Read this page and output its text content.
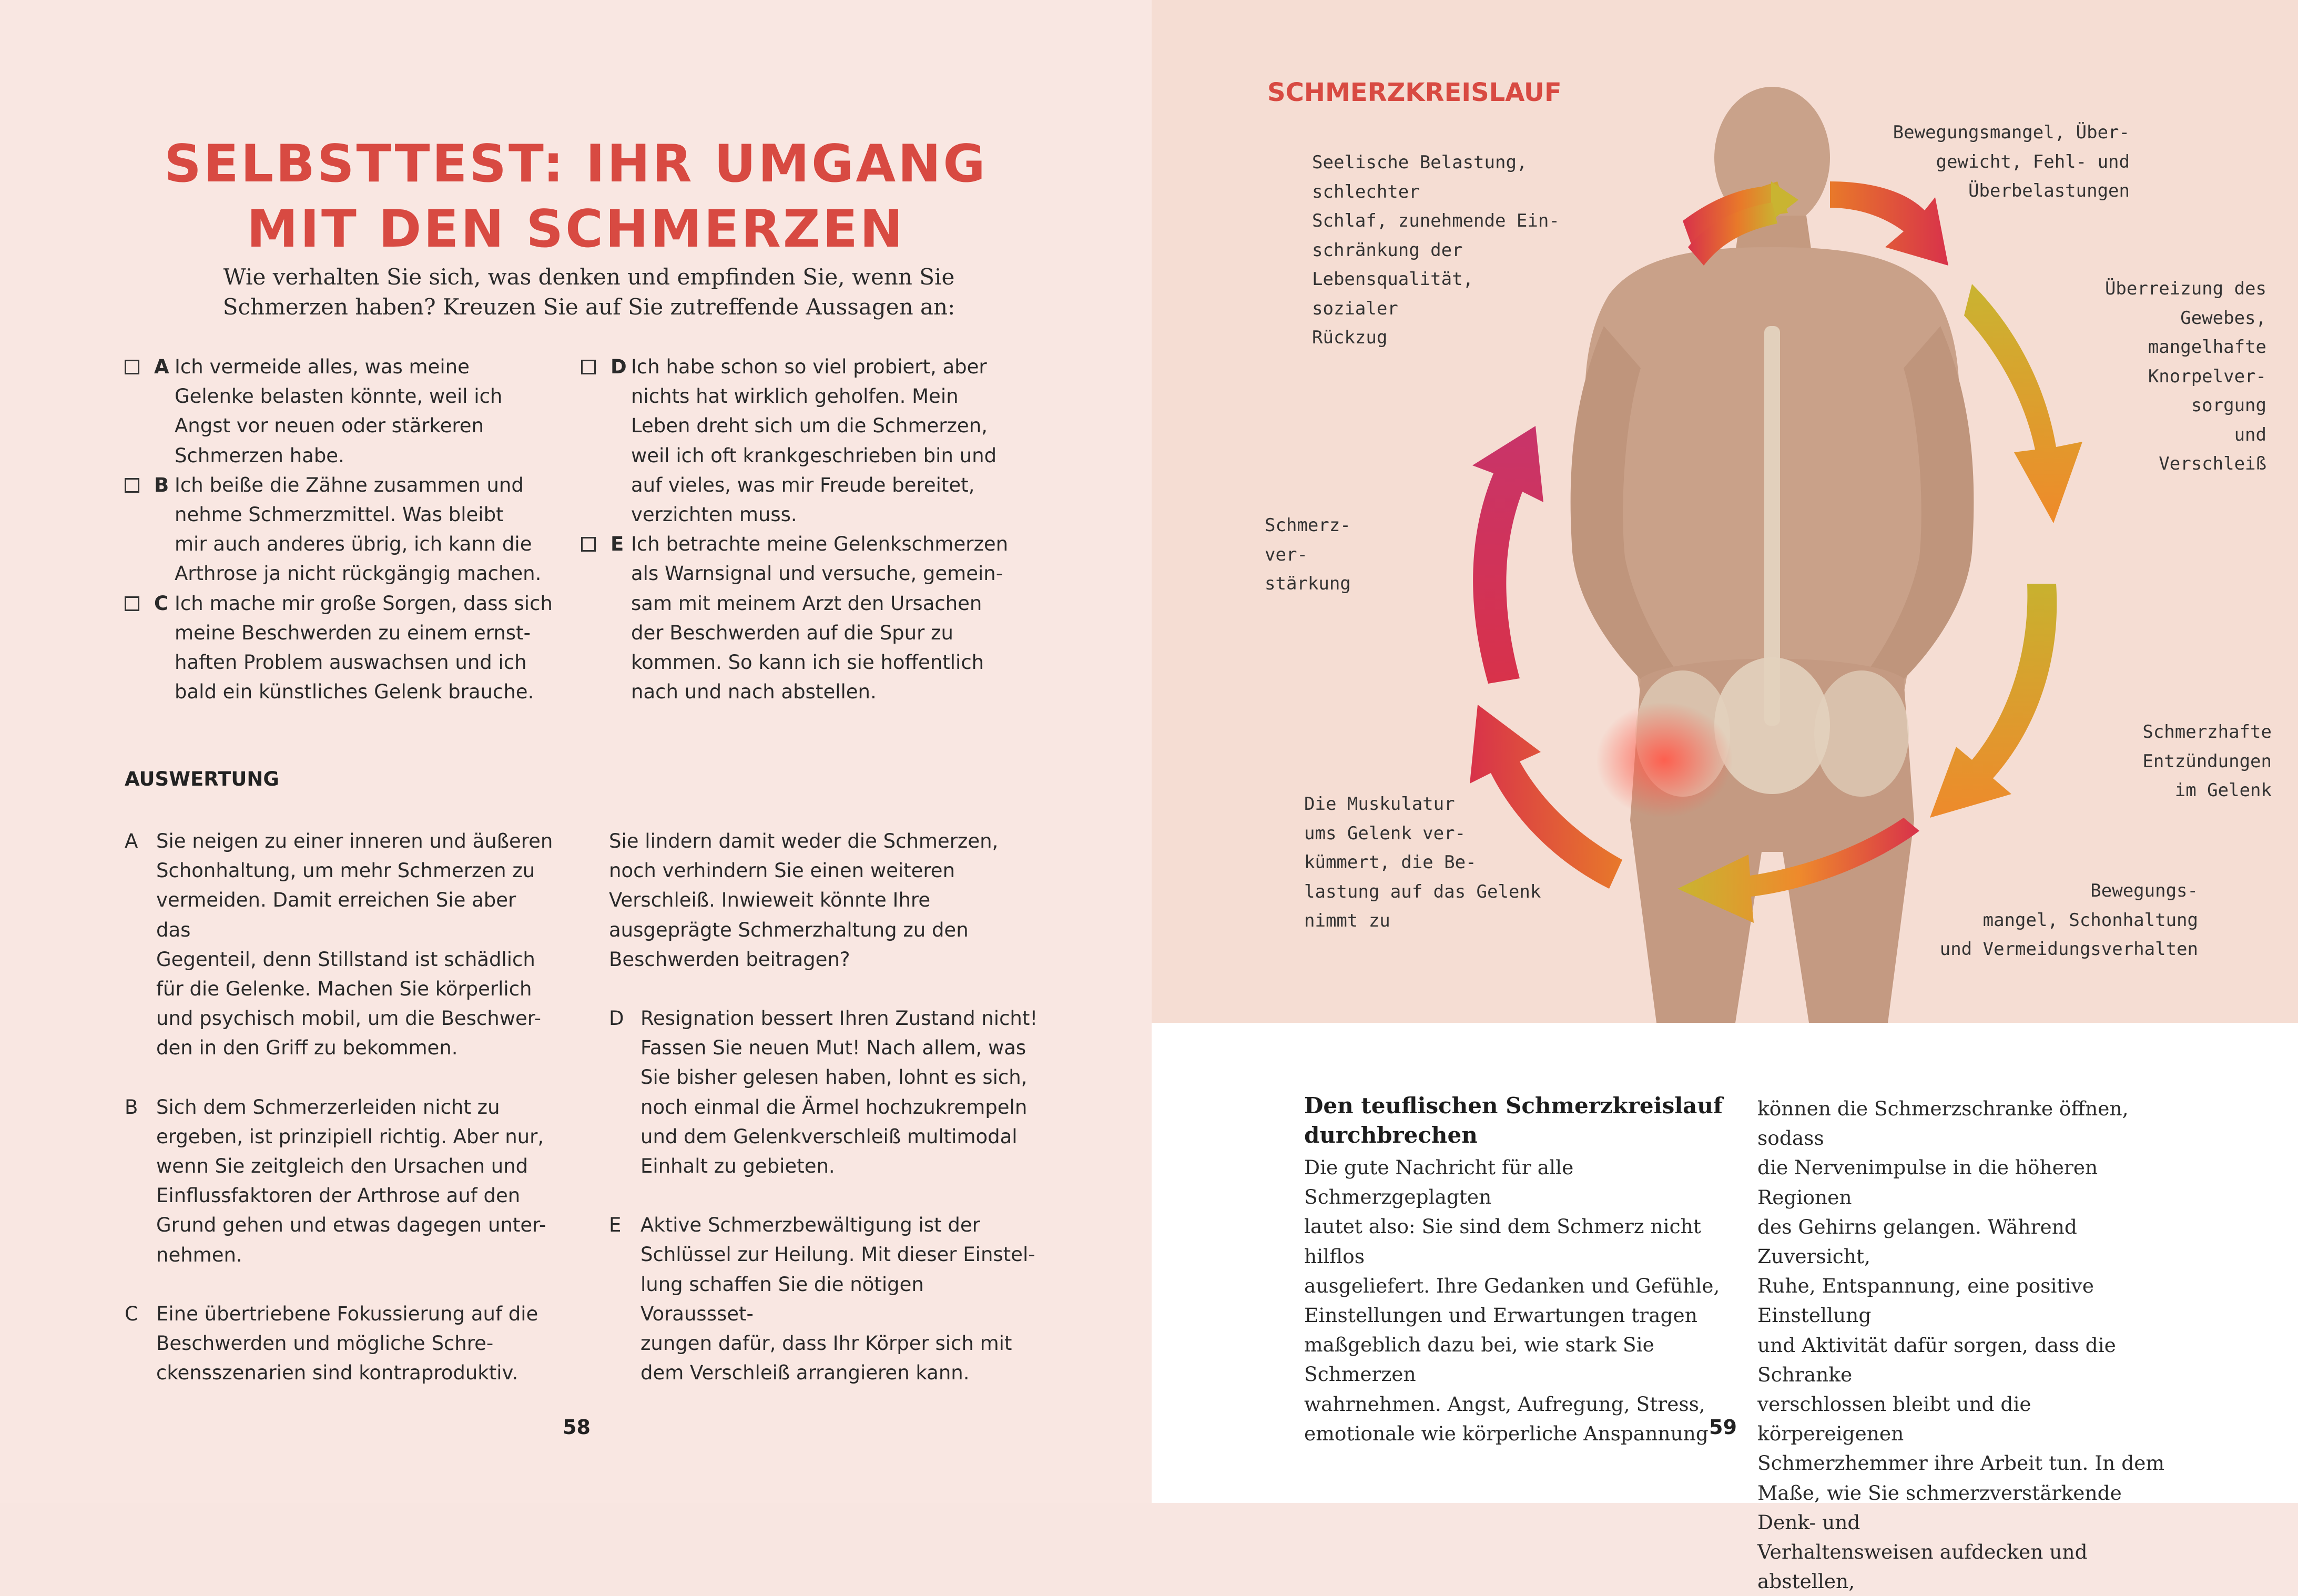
SELBSTTEST: IHR UMGANG
MIT DEN SCHMERZEN
Wie verhalten Sie sich, was denken und empfinden Sie, wenn Sie
Schmerzen haben? Kreuzen Sie auf Sie zutreffende Aussagen an:
A Ich vermeide alles, was meine
Gelenke belasten könnte, weil ich
Angst vor neuen oder stärkeren
Schmerzen habe.
B Ich beiße die Zähne zusammen und
nehme Schmerzmittel. Was bleibt
mir auch anderes übrig, ich kann die
Arthrose ja nicht rückgängig machen.
C Ich mache mir große Sorgen, dass sich
meine Beschwerden zu einem ernst-
haften Problem auswachsen und ich
bald ein künstliches Gelenk brauche.
D Ich habe schon so viel probiert, aber
nichts hat wirklich geholfen. Mein
Leben dreht sich um die Schmerzen,
weil ich oft krankgeschrieben bin und
auf vieles, was mir Freude bereitet,
verzichten muss.
E Ich betrachte meine Gelenkschmerzen
als Warnsignal und versuche, gemein-
sam mit meinem Arzt den Ursachen
der Beschwerden auf die Spur zu
kommen. So kann ich sie hoffentlich
nach und nach abstellen.
AUSWERTUNG
A Sie neigen zu einer inneren und äußeren
Schonhaltung, um mehr Schmerzen zu
vermeiden. Damit erreichen Sie aber das
Gegenteil, denn Stillstand ist schädlich
für die Gelenke. Machen Sie körperlich
und psychisch mobil, um die Beschwer-
den in den Griff zu bekommen.
B Sich dem Schmerzerleiden nicht zu
ergeben, ist prinzipiell richtig. Aber nur,
wenn Sie zeitgleich den Ursachen und
Einflussfaktoren der Arthrose auf den
Grund gehen und etwas dagegen unter-
nehmen.
C Eine übertriebene Fokussierung auf die
Beschwerden und mögliche Schre-
ckensszenarien sind kontraproduktiv.
Sie lindern damit weder die Schmerzen,
noch verhindern Sie einen weiteren
Verschleiß. Inwieweit könnte Ihre
ausgeprägte Schmerzhaltung zu den
Beschwerden beitragen?
D Resignation bessert Ihren Zustand nicht!
Fassen Sie neuen Mut! Nach allem, was
Sie bisher gelesen haben, lohnt es sich,
noch einmal die Ärmel hochzukrempeln
und dem Gelenkverschleiß multimodal
Einhalt zu gebieten.
E Aktive Schmerzbewältigung ist der
Schlüssel zur Heilung. Mit dieser Einstel-
lung schaffen Sie die nötigen Voraussset-
zungen dafür, dass Ihr Körper sich mit
dem Verschleiß arrangieren kann.
58
SCHMERZKREISLAUF
Bewegungsmangel, Über-
gewicht, Fehl- und
Überbelastungen
Überreizung des
Gewebes,
mangelhafte
Knorpelver-
sorgung
und
Verschleiß
Schmerzhafte
Entzündungen
im Gelenk
Bewegungs-
mangel, Schonhaltung
und Vermeidungsverhalten
Die Muskulatur
ums Gelenk ver-
kümmert, die Be-
lastung auf das Gelenk
nimmt zu
Schmerz-
ver-
stärkung
Seelische Belastung, schlechter
Schlaf, zunehmende Ein-
schränkung der
Lebensqualität,
sozialer
Rückzug
Den teuflischen Schmerzkreislauf
durchbrechen
Die gute Nachricht für alle Schmerzgeplagten
lautet also: Sie sind dem Schmerz nicht hilflos
ausgeliefert. Ihre Gedanken und Gefühle,
Einstellungen und Erwartungen tragen
maßgeblich dazu bei, wie stark Sie Schmerzen
wahrnehmen. Angst, Aufregung, Stress,
emotionale wie körperliche Anspannung
können die Schmerzschranke öffnen, sodass
die Nervenimpulse in die höheren Regionen
des Gehirns gelangen. Während Zuversicht,
Ruhe, Entspannung, eine positive Einstellung
und Aktivität dafür sorgen, dass die Schranke
verschlossen bleibt und die körpereigenen
Schmerzhemmer ihre Arbeit tun. In dem
Maße, wie Sie schmerzverstärkende Denk- und
Verhaltensweisen aufdecken und abstellen,
59
